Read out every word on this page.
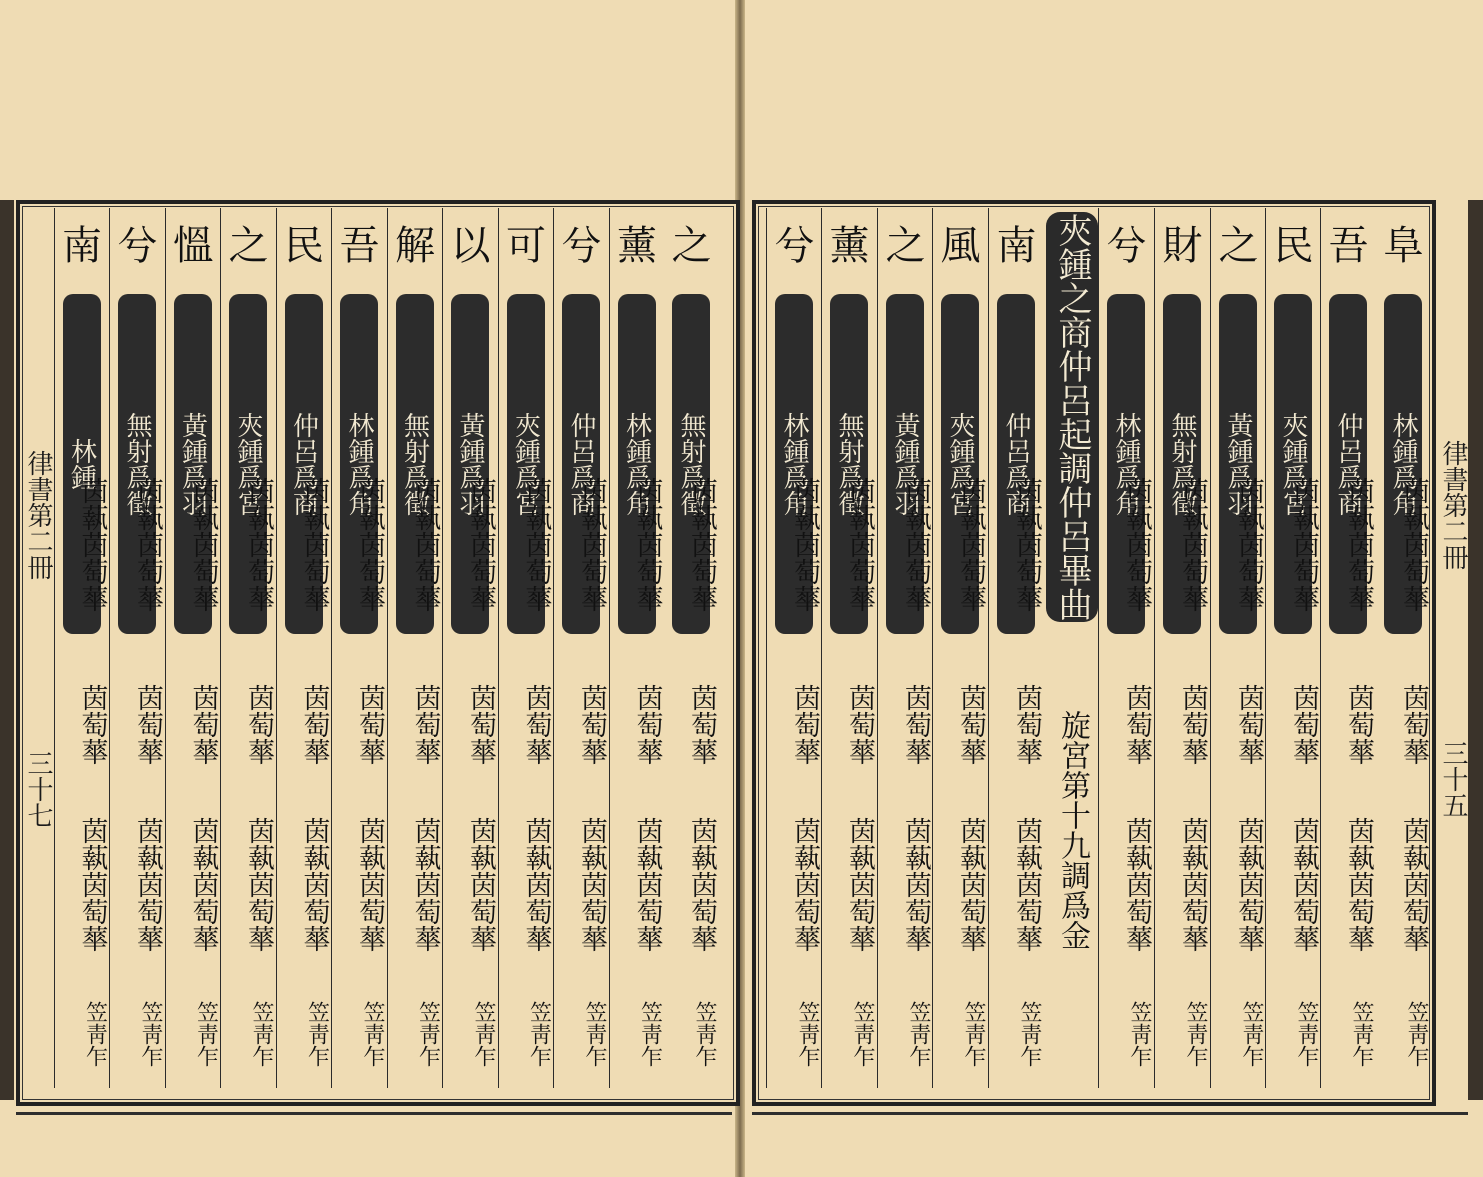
律書第二冊
三十七
律書第二冊
三十五
之
無射爲徵
茵蓻茵萄蕐
茵萄蕐
茵蓻茵萄蕐
笠靑乍
薰
林鍾爲角
茵蓻茵萄蕐
茵萄蕐
茵蓻茵萄蕐
笠靑乍
兮
仲呂爲商
茵蓻茵萄蕐
茵萄蕐
茵蓻茵萄蕐
笠靑乍
可
夾鍾爲宮
茵蓻茵萄蕐
茵萄蕐
茵蓻茵萄蕐
笠靑乍
以
黃鍾爲羽
茵蓻茵萄蕐
茵萄蕐
茵蓻茵萄蕐
笠靑乍
解
無射爲徵
茵蓻茵萄蕐
茵萄蕐
茵蓻茵萄蕐
笠靑乍
吾
林鍾爲角
茵蓻茵萄蕐
茵萄蕐
茵蓻茵萄蕐
笠靑乍
民
仲呂爲商
茵蓻茵萄蕐
茵萄蕐
茵蓻茵萄蕐
笠靑乍
之
夾鍾爲宮
茵蓻茵萄蕐
茵萄蕐
茵蓻茵萄蕐
笠靑乍
慍
黃鍾爲羽
茵蓻茵萄蕐
茵萄蕐
茵蓻茵萄蕐
笠靑乍
兮
無射爲徵
茵蓻茵萄蕐
茵萄蕐
茵蓻茵萄蕐
笠靑乍
南
林鍾
茵蓻茵萄蕐
茵萄蕐
茵蓻茵萄蕐
笠靑乍
阜
林鍾爲角
茵蓻茵萄蕐
茵萄蕐
茵蓻茵萄蕐
笠靑乍
吾
仲呂爲商
茵蓻茵萄蕐
茵萄蕐
茵蓻茵萄蕐
笠靑乍
民
夾鍾爲宮
茵蓻茵萄蕐
茵萄蕐
茵蓻茵萄蕐
笠靑乍
之
黃鍾爲羽
茵蓻茵萄蕐
茵萄蕐
茵蓻茵萄蕐
笠靑乍
財
無射爲徵
茵蓻茵萄蕐
茵萄蕐
茵蓻茵萄蕐
笠靑乍
兮
林鍾爲角
茵蓻茵萄蕐
茵萄蕐
茵蓻茵萄蕐
笠靑乍
南
仲呂爲商
茵蓻茵萄蕐
茵萄蕐
茵蓻茵萄蕐
笠靑乍
風
夾鍾爲宮
茵蓻茵萄蕐
茵萄蕐
茵蓻茵萄蕐
笠靑乍
之
黃鍾爲羽
茵蓻茵萄蕐
茵萄蕐
茵蓻茵萄蕐
笠靑乍
薰
無射爲徵
茵蓻茵萄蕐
茵萄蕐
茵蓻茵萄蕐
笠靑乍
兮
林鍾爲角
茵蓻茵萄蕐
茵萄蕐
茵蓻茵萄蕐
笠靑乍
夾鍾之商仲呂起調仲呂畢曲
旋宮第十九調爲金
